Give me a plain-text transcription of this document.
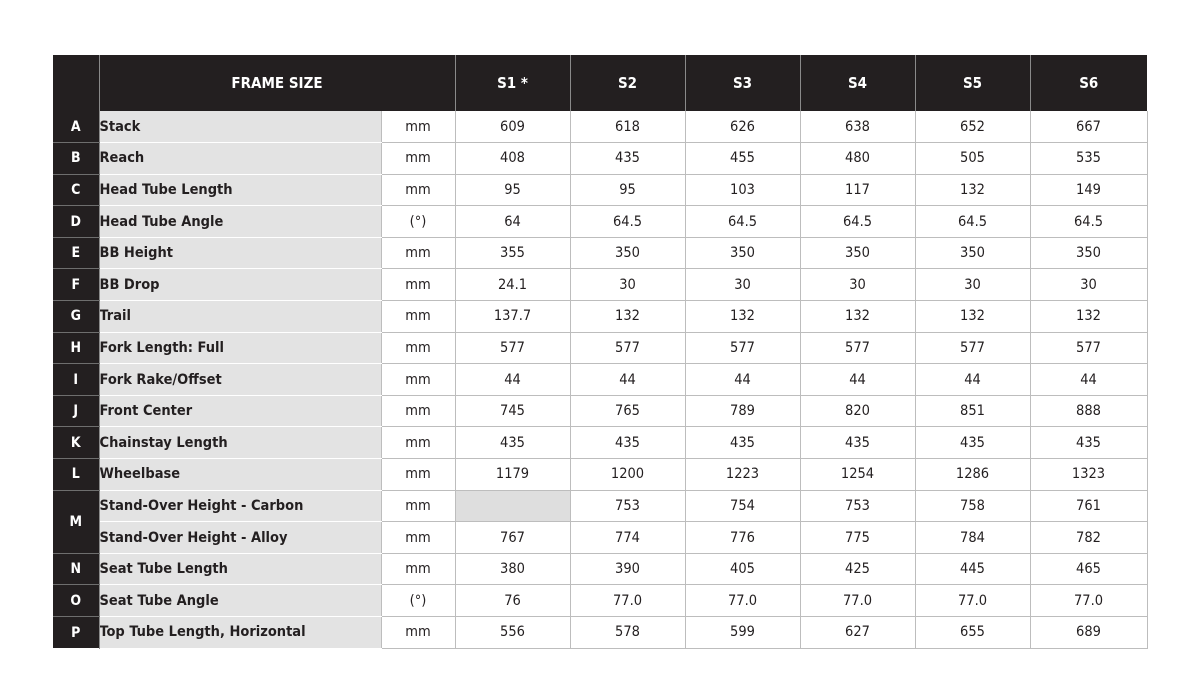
	FRAME SIZE		S1 *	S2	S3	S4	S5	S6
A	Stack	mm	609	618	626	638	652	667
B	Reach	mm	408	435	455	480	505	535
C	Head Tube Length	mm	95	95	103	117	132	149
D	Head Tube Angle	(°)	64	64.5	64.5	64.5	64.5	64.5
E	BB Height	mm	355	350	350	350	350	350
F	BB Drop	mm	24.1	30	30	30	30	30
G	Trail	mm	137.7	132	132	132	132	132
H	Fork Length: Full	mm	577	577	577	577	577	577
I	Fork Rake/Offset	mm	44	44	44	44	44	44
J	Front Center	mm	745	765	789	820	851	888
K	Chainstay Length	mm	435	435	435	435	435	435
L	Wheelbase	mm	1179	1200	1223	1254	1286	1323
M	Stand-Over Height - Carbon	mm		753	754	753	758	761
	Stand-Over Height - Alloy	mm	767	774	776	775	784	782
N	Seat Tube Length	mm	380	390	405	425	445	465
O	Seat Tube Angle	(°)	76	77.0	77.0	77.0	77.0	77.0
P	Top Tube Length, Horizontal	mm	556	578	599	627	655	689
